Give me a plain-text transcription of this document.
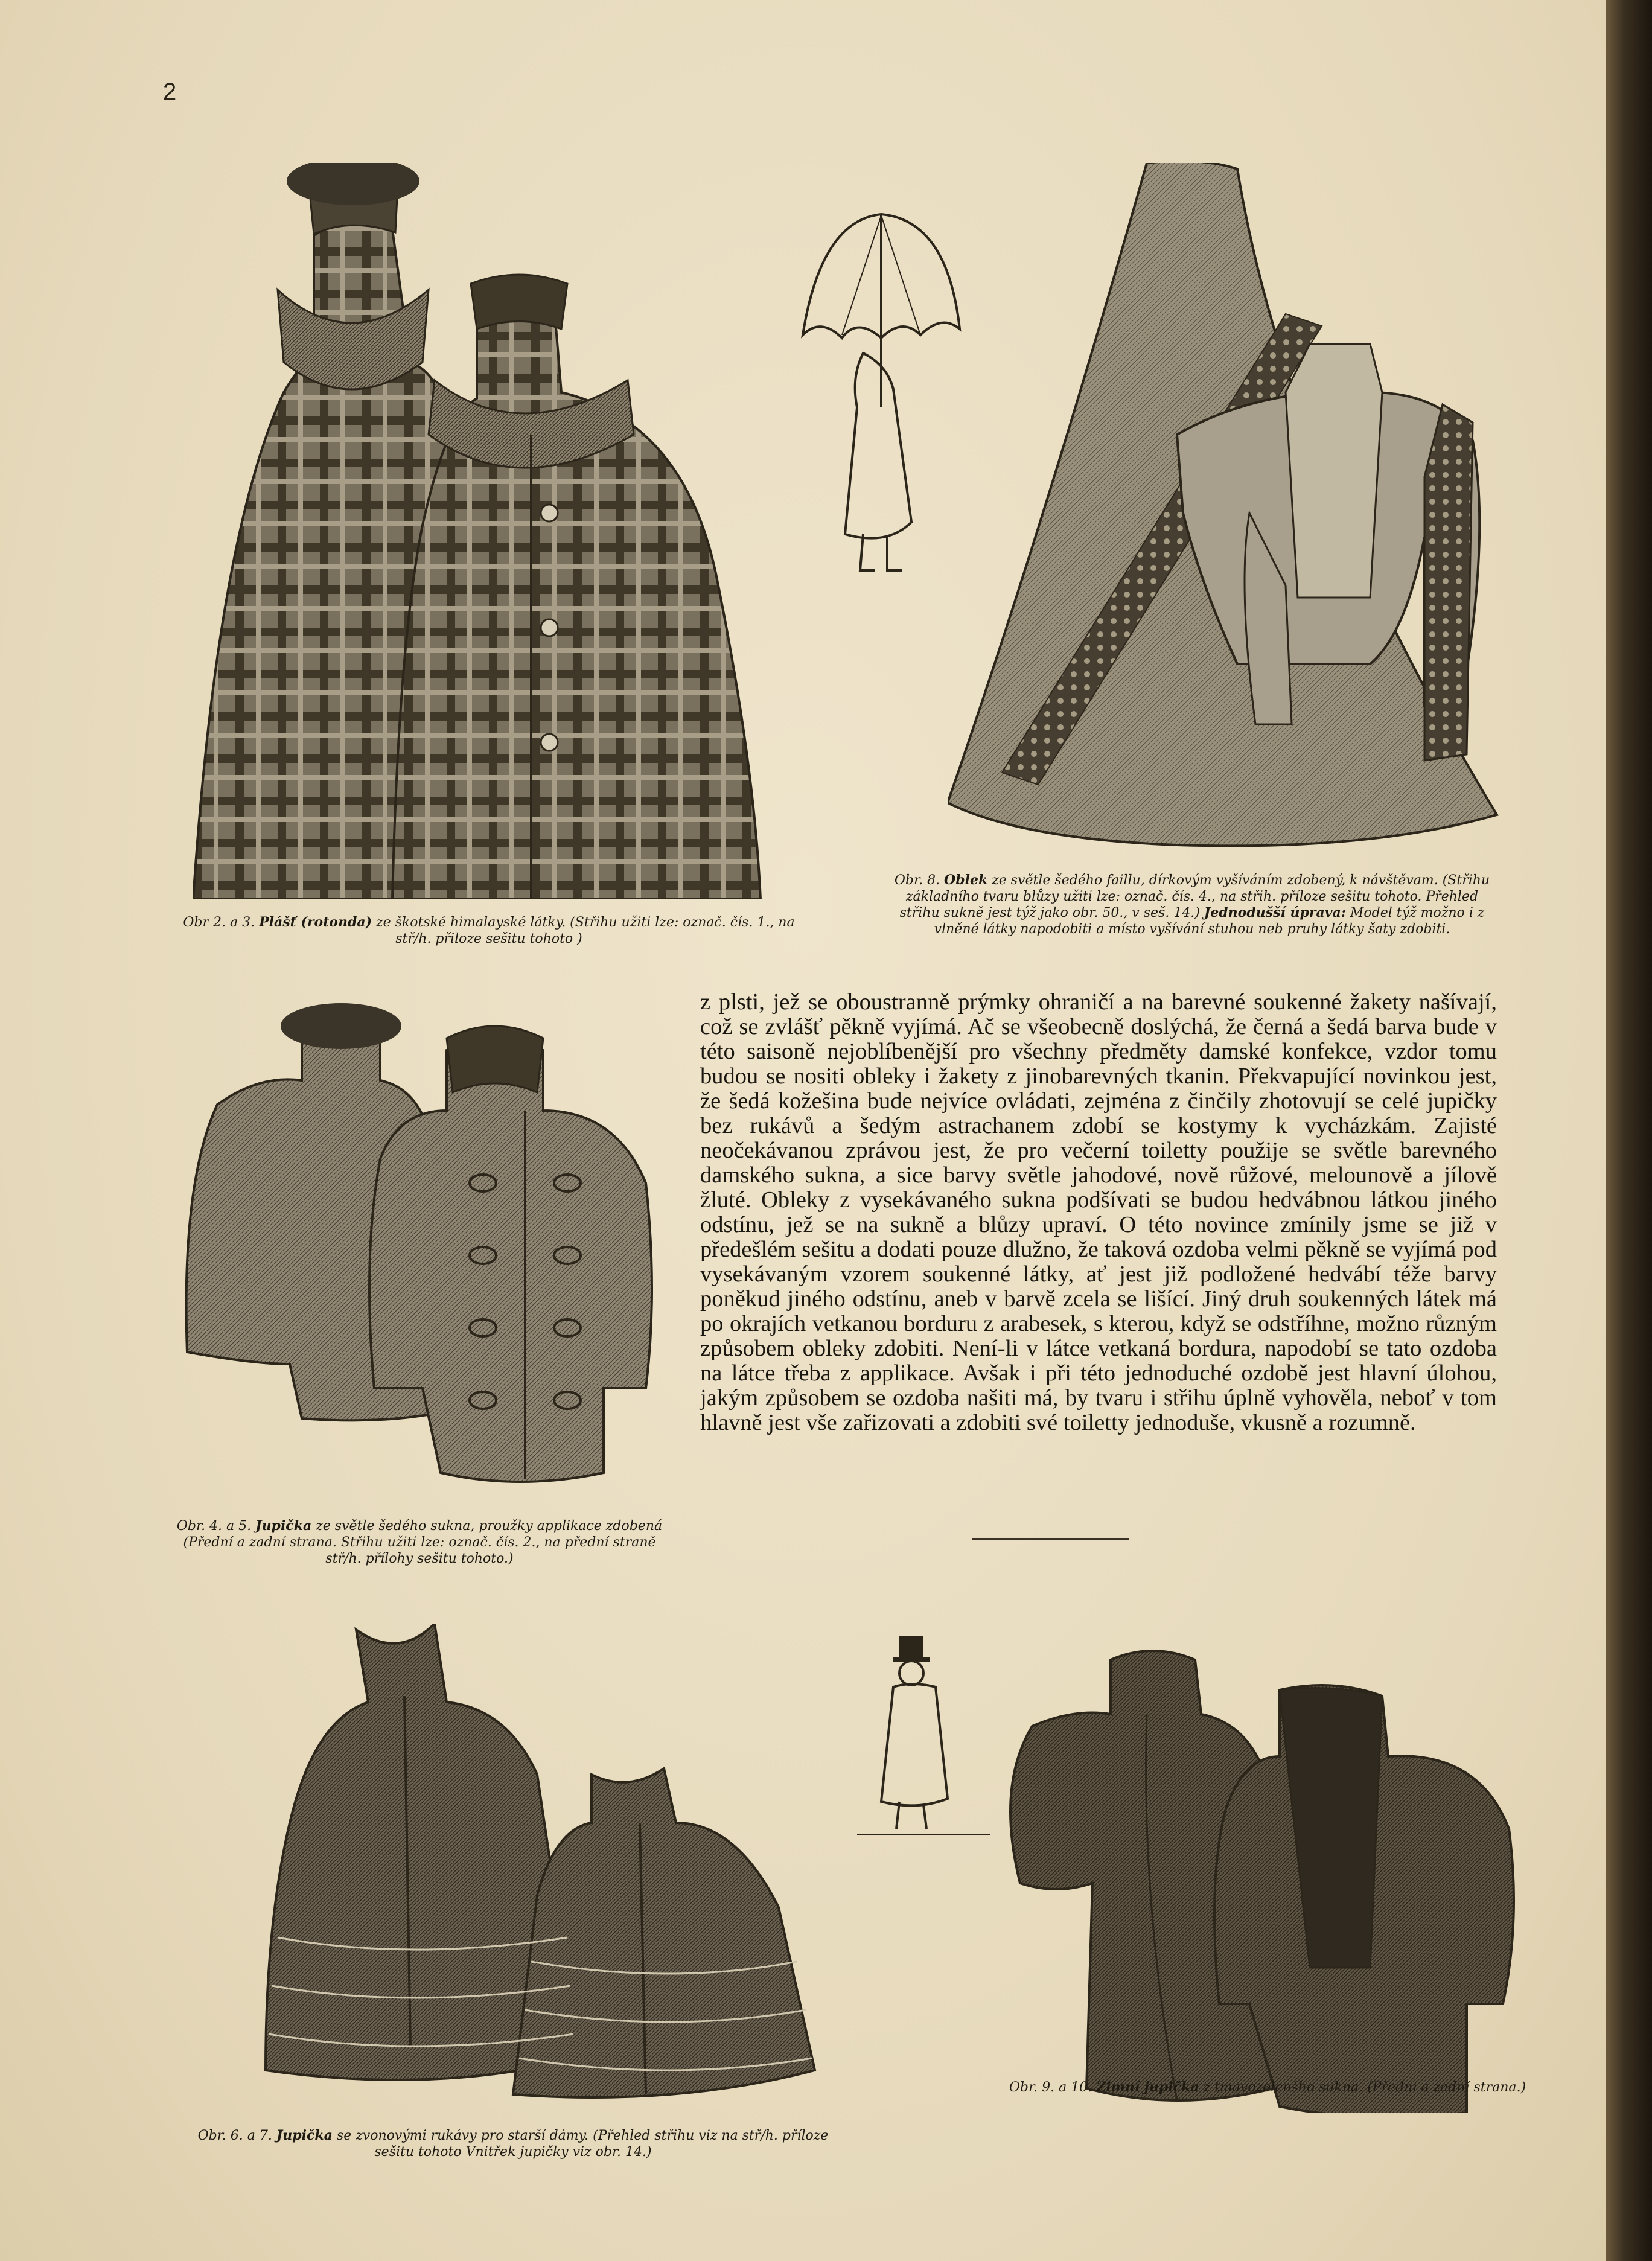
2
Obr 2. a 3. Plášť (rotonda) ze škotské himalayské látky. (Střihu užiti lze: označ. čís. 1., na stř/h. přiloze sešitu tohoto )
Obr. 8. Oblek ze světle šedého faillu, dírkovým vyšíváním zdobený, k návštěvam. (Střihu základního tvaru blůzy užiti lze: označ. čís. 4., na střih. příloze sešitu tohoto. Přehled střihu sukně jest týž jako obr. 50., v seš. 14.) Jednodušší úprava: Model týž možno i z vlněné látky napodobiti a místo vyšívání stuhou neb pruhy látky šaty zdobiti.
Obr. 4. a 5. Jupička ze světle šedého sukna, proužky applikace zdobená (Přední a zadní strana. Střihu užiti lze: označ. čís. 2., na přední straně stř/h. přílohy sešitu tohoto.)

z plsti, jež se oboustranně prýmky ohraničí a na barevné soukenné žakety našívají, což se zvlášť pěkně vyjímá. Ač se všeobecně doslýchá, že černá a šedá barva bude v této saisoně nejoblíbenější pro všechny předměty damské konfekce, vzdor tomu budou se nositi obleky i žakety z jinobarevných tkanin. Překvapující novinkou jest, že šedá kožešina bude nejvíce ovládati, zejména z činčily zhotovují se celé jupičky bez rukávů a šedým astrachanem zdobí se kostymy k vycházkám. Zajisté neočekávanou zprávou jest, že pro večerní toiletty použije se světle barevného damského sukna, a sice barvy světle jahodové, nově růžové, melounově a jílově žluté. Obleky z vysekávaného sukna podšívati se budou hedvábnou látkou jiného odstínu, jež se na sukně a blůzy upraví. O této novince zmínily jsme se již v předešlém sešitu a dodati pouze dlužno, že taková ozdoba velmi pěkně se vyjímá pod vysekávaným vzorem soukenné látky, ať jest již podložené hedvábí téže barvy poněkud jiného odstínu, aneb v barvě zcela se lišící. Jiný druh soukenných látek má po okrajích vetkanou borduru z arabesek, s kterou, když se odstříhne, možno různým způsobem obleky zdobiti. Není-li v látce vetkaná bordura, napodobí se tato ozdoba na látce třeba z applikace. Avšak i při této jednoduché ozdobě jest hlavní úlohou, jakým způsobem se ozdoba našiti má, by tvaru i střihu úplně vyhověla, neboť v tom hlavně jest vše zařizovati a zdobiti své toiletty jednoduše, vkusně a rozumně.

Obr. 6. a 7. Jupička se zvonovými rukávy pro starší dámy. (Přehled střihu viz na stř/h. příloze sešitu tohoto Vnitřek jupičky viz obr. 14.)
Obr. 9. a 10. Zimní jupička z tmavozelenšho sukna. (Přední a zadní strana.)
